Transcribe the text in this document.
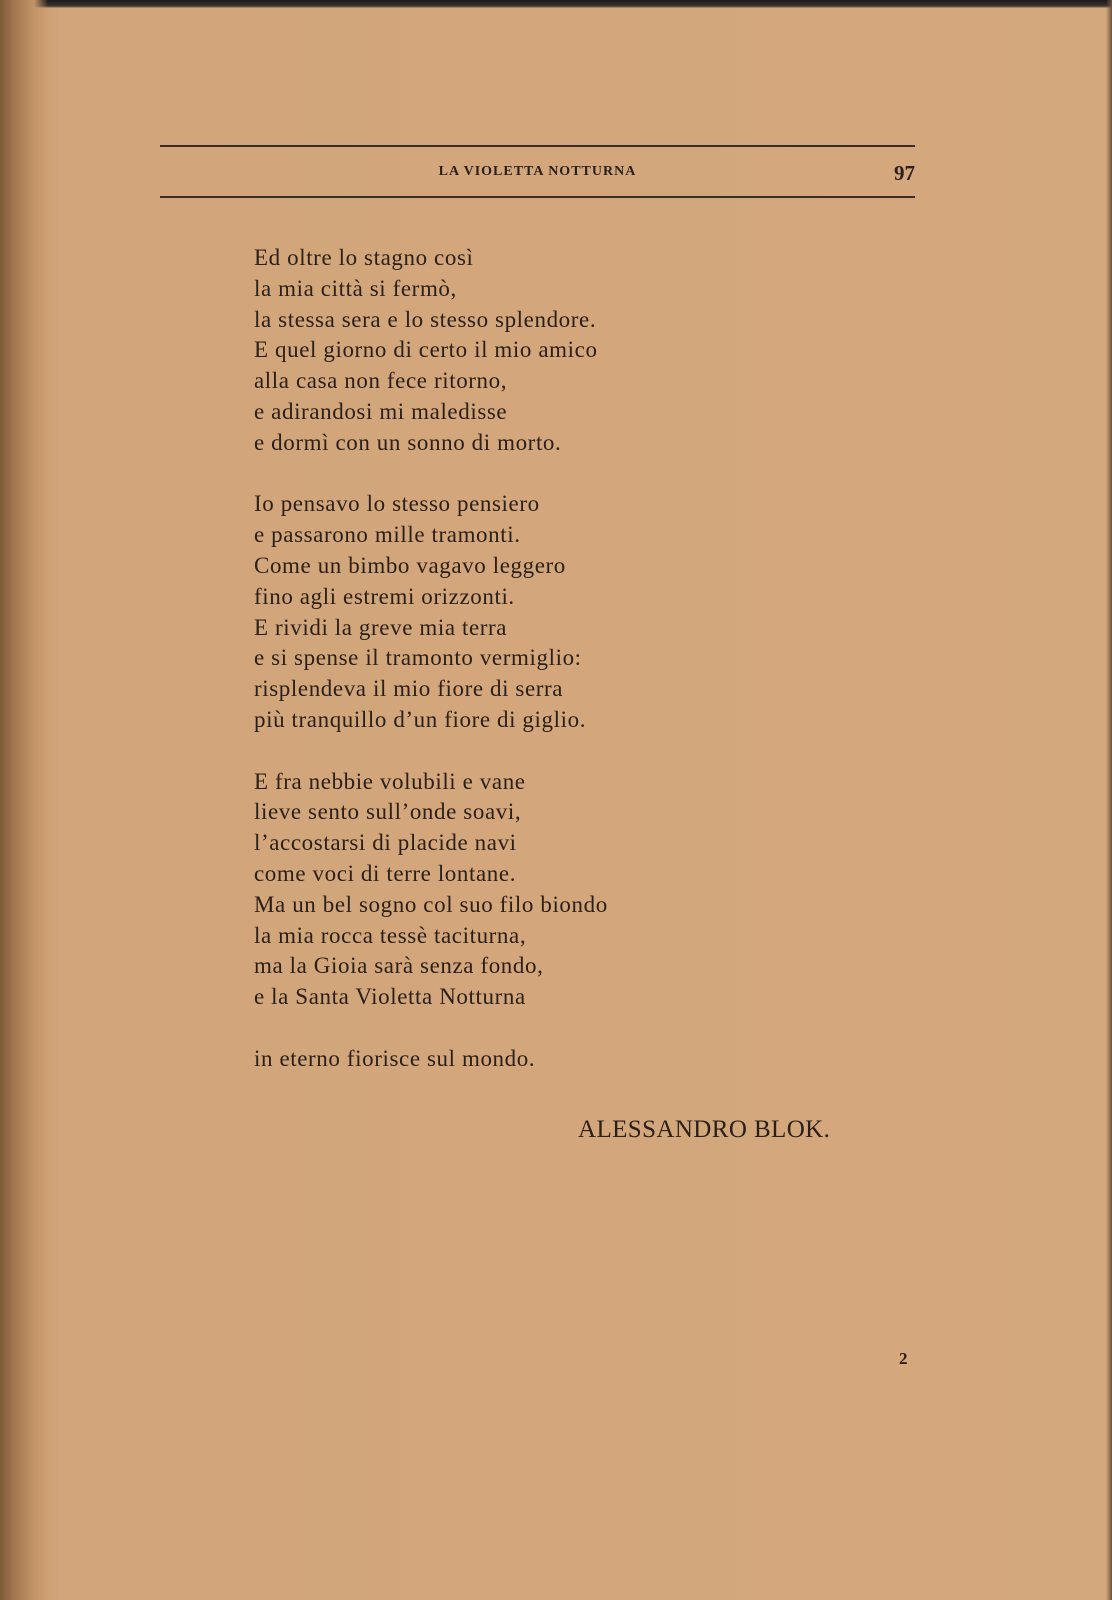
LA VIOLETTA NOTTURNA	97
Ed oltre lo stagno così
la mia città si fermò,
la stessa sera e lo stesso splendore.
E quel giorno di certo il mio amico
alla casa non fece ritorno,
e adirandosi mi maledisse
e dormì con un sonno di morto.
Io pensavo lo stesso pensiero
e passarono mille tramonti.
Come un bimbo vagavo leggero
fino agli estremi orizzonti.
E rividi la greve mia terra
e si spense il tramonto vermiglio:
risplendeva il mio fiore di serra
più tranquillo d’un fiore di giglio.
E fra nebbie volubili e vane
lieve sento sull’onde soavi,
l’accostarsi di placide navi
come voci di terre lontane.
Ma un bel sogno col suo filo biondo
la mia rocca tessè taciturna,
ma la Gioia sarà senza fondo,
e la Santa Violetta Notturna
in eterno fiorisce sul mondo.
ALESSANDRO BLOK.
2
